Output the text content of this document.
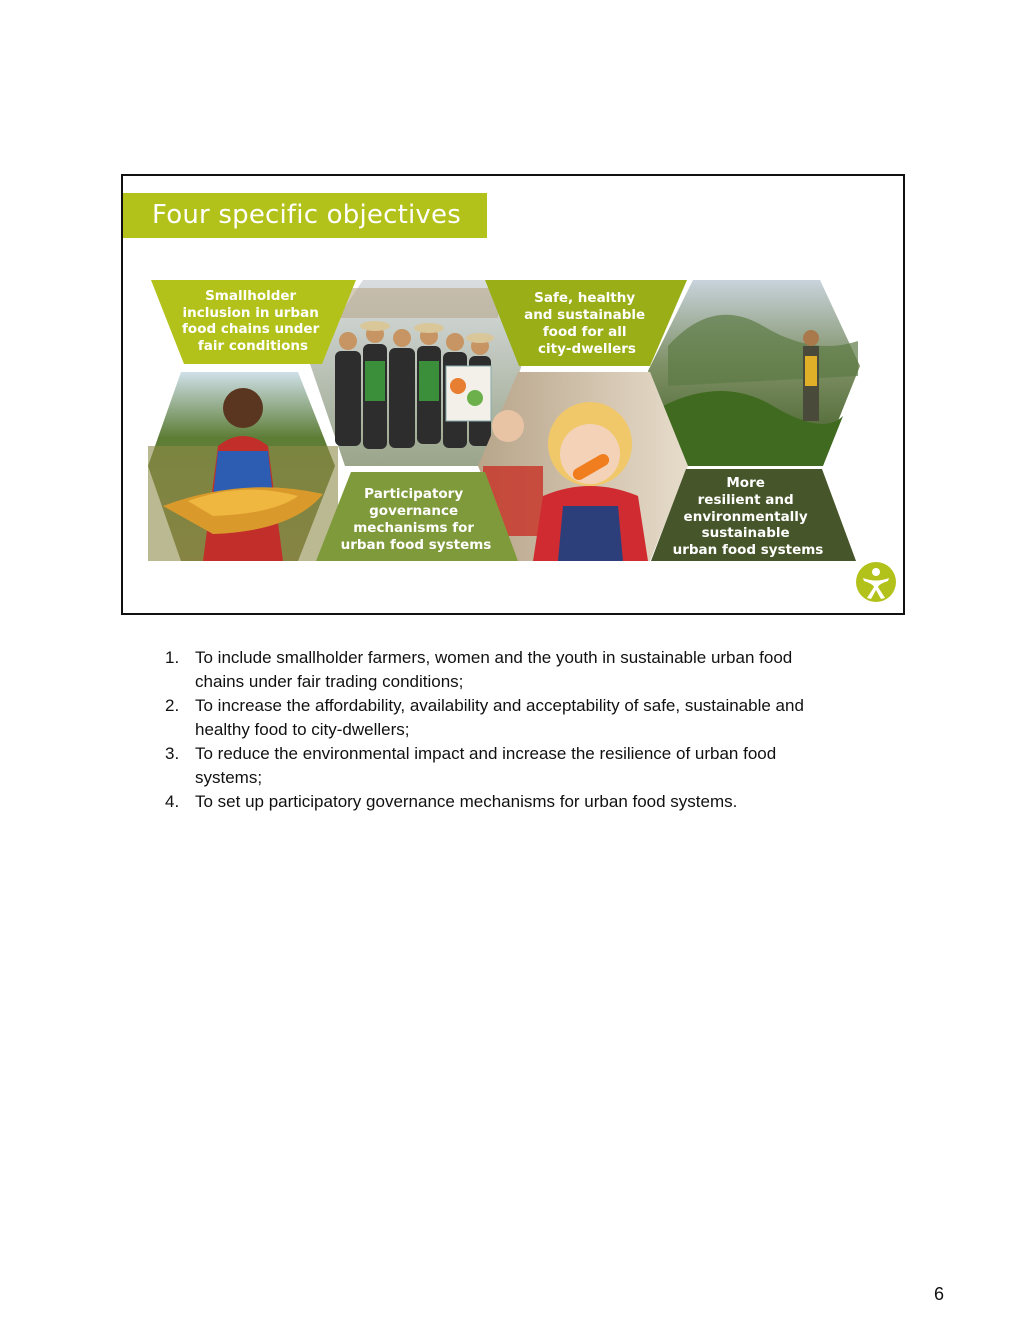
Four specific objectives
Smallholder inclusion in urban food chains under fair conditions
Safe, healthy and sustainable food for all city-dwellers
Participatory governance mechanisms for urban food systems
More resilient and environmentally sustainable urban food systems
1. To include smallholder farmers, women and the youth in sustainable urban food
chains under fair trading conditions;
2. To increase the affordability, availability and acceptability of safe, sustainable and
healthy food to city-dwellers;
3. To reduce the environmental impact and increase the resilience of urban food
systems;
4. To set up participatory governance mechanisms for urban food systems.
6
